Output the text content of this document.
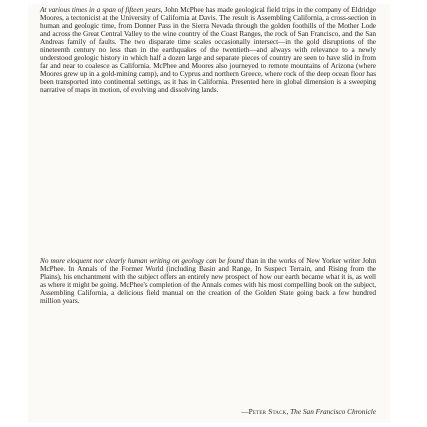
At various times in a span of fifteen years, John McPhee has made geological field trips in the company of Eldridge Moores, a tectonicist at the University of California at Davis. The result is Assembling California, a cross-section in human and geologic time, from Donner Pass in the Sierra Nevada through the golden foothills of the Mother Lode and across the Great Central Valley to the wine country of the Coast Ranges, the rock of San Francisco, and the San Andreas family of faults. The two disparate time scales occasionally intersect—in the gold disruptions of the nineteenth century no less than in the earthquakes of the twentieth—and always with relevance to a newly understood geologic history in which half a dozen large and separate pieces of country are seen to have slid in from far and near to coalesce as California. McPhee and Moores also journeyed to remote mountains of Arizona (where Moores grew up in a gold-mining camp), and to Cyprus and northern Greece, where rock of the deep ocean floor has been transported into continental settings, as it has in California. Presented here in global dimension is a sweeping narrative of maps in motion, of evolving and dissolving lands.

No more eloquent nor clearly human writing on geology can be found than in the works of New Yorker writer John McPhee. In Annals of the Former World (including Basin and Range, In Suspect Terrain, and Rising from the Plains), his enchantment with the subject offers an entirely new prospect of how our earth became what it is, as well as where it might be going. McPhee's completion of the Annals comes with his most compelling book on the subject, Assembling California, a delicious field manual on the creation of the Golden State going back a few hundred million years.

—Peter Stack, The San Francisco Chronicle
